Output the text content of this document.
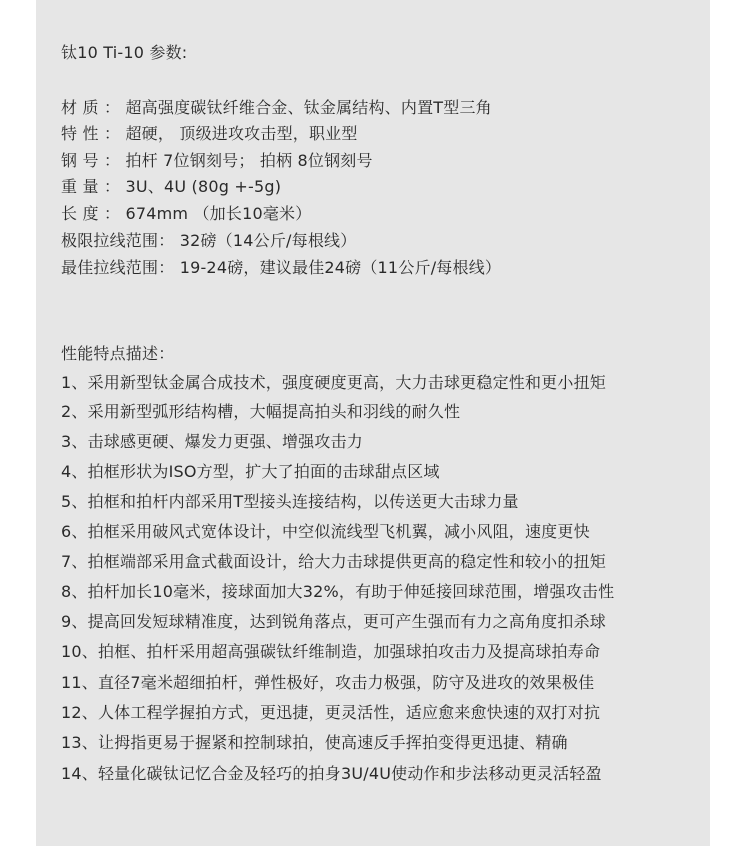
钛10 Ti-10 参数:
材 质 ： 超高强度碳钛纤维合金、钛金属结构、内置T型三角
特 性 ： 超硬， 顶级进攻攻击型，职业型
钢 号 ： 拍杆 7位钢刻号； 拍柄 8位钢刻号
重 量 ： 3U、4U (80g +-5g)
长 度 ： 674mm （加长10毫米）
极限拉线范围： 32磅（14公斤/每根线）
最佳拉线范围： 19-24磅，建议最佳24磅（11公斤/每根线）
性能特点描述：
1、采用新型钛金属合成技术，强度硬度更高，大力击球更稳定性和更小扭矩
2、采用新型弧形结构槽，大幅提高拍头和羽线的耐久性
3、击球感更硬、爆发力更强、增强攻击力
4、拍框形状为ISO方型，扩大了拍面的击球甜点区域
5、拍框和拍杆内部采用T型接头连接结构，以传送更大击球力量
6、拍框采用破风式宽体设计，中空似流线型飞机翼，减小风阻，速度更快
7、拍框端部采用盒式截面设计，给大力击球提供更高的稳定性和较小的扭矩
8、拍杆加长10毫米，接球面加大32%，有助于伸延接回球范围，增强攻击性
9、提高回发短球精准度，达到锐角落点，更可产生强而有力之高角度扣杀球
10、拍框、拍杆采用超高强碳钛纤维制造，加强球拍攻击力及提高球拍寿命
11、直径7毫米超细拍杆，弹性极好，攻击力极强，防守及进攻的效果极佳
12、人体工程学握拍方式，更迅捷，更灵活性，适应愈来愈快速的双打对抗
13、让拇指更易于握紧和控制球拍，使高速反手挥拍变得更迅捷、精确
14、轻量化碳钛记忆合金及轻巧的拍身3U/4U使动作和步法移动更灵活轻盈
